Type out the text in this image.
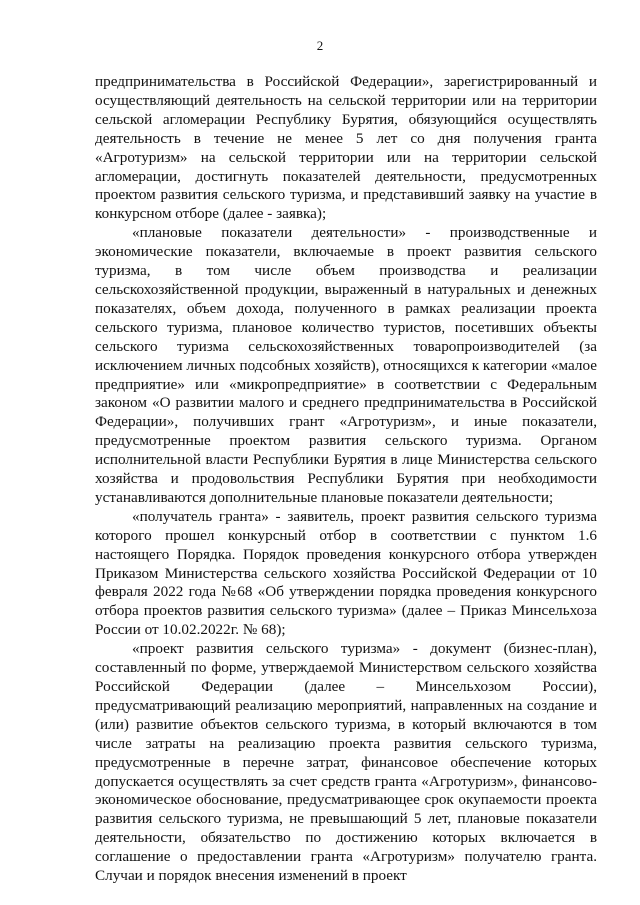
2

предпринимательства в Российской Федерации», зарегистрированный и осуществляющий деятельность на сельской территории или на территории сельской агломерации Республику Бурятия, обязующийся осуществлять деятельность в течение не менее 5 лет со дня получения гранта «Агротуризм» на сельской территории или на территории сельской агломерации, достигнуть показателей деятельности, предусмотренных проектом развития сельского туризма, и представивший заявку на участие в конкурсном отборе (далее - заявка);

«плановые показатели деятельности» - производственные и экономические показатели, включаемые в проект развития сельского туризма, в том числе объем производства и реализации сельскохозяйственной продукции, выраженный в натуральных и денежных показателях, объем дохода, полученного в рамках реализации проекта сельского туризма, плановое количество туристов, посетивших объекты сельского туризма сельскохозяйственных товаропроизводителей (за исключением личных подсобных хозяйств), относящихся к категории «малое предприятие» или «микропредприятие» в соответствии с Федеральным законом «О развитии малого и среднего предпринимательства в Российской Федерации», получивших грант «Агротуризм», и иные показатели, предусмотренные проектом развития сельского туризма. Органом исполнительной власти Республики Бурятия в лице Министерства сельского хозяйства и продовольствия Республики Бурятия при необходимости устанавливаются дополнительные плановые показатели деятельности;

«получатель гранта» - заявитель, проект развития сельского туризма которого прошел конкурсный отбор в соответствии с пунктом 1.6 настоящего Порядка. Порядок проведения конкурсного отбора утвержден Приказом Министерства сельского хозяйства Российской Федерации от 10 февраля 2022 года №68 «Об утверждении порядка проведения конкурсного отбора проектов развития сельского туризма» (далее – Приказ Минсельхоза России от 10.02.2022г. № 68);

«проект развития сельского туризма» - документ (бизнес-план), составленный по форме, утверждаемой Министерством сельского хозяйства Российской Федерации (далее – Минсельхозом России), предусматривающий реализацию мероприятий, направленных на создание и (или) развитие объектов сельского туризма, в который включаются в том числе затраты на реализацию проекта развития сельского туризма, предусмотренные в перечне затрат, финансовое обеспечение которых допускается осуществлять за счет средств гранта «Агротуризм», финансово-экономическое обоснование, предусматривающее срок окупаемости проекта развития сельского туризма, не превышающий 5 лет, плановые показатели деятельности, обязательство по достижению которых включается в соглашение о предоставлении гранта «Агротуризм» получателю гранта. Случаи и порядок внесения изменений в проект
